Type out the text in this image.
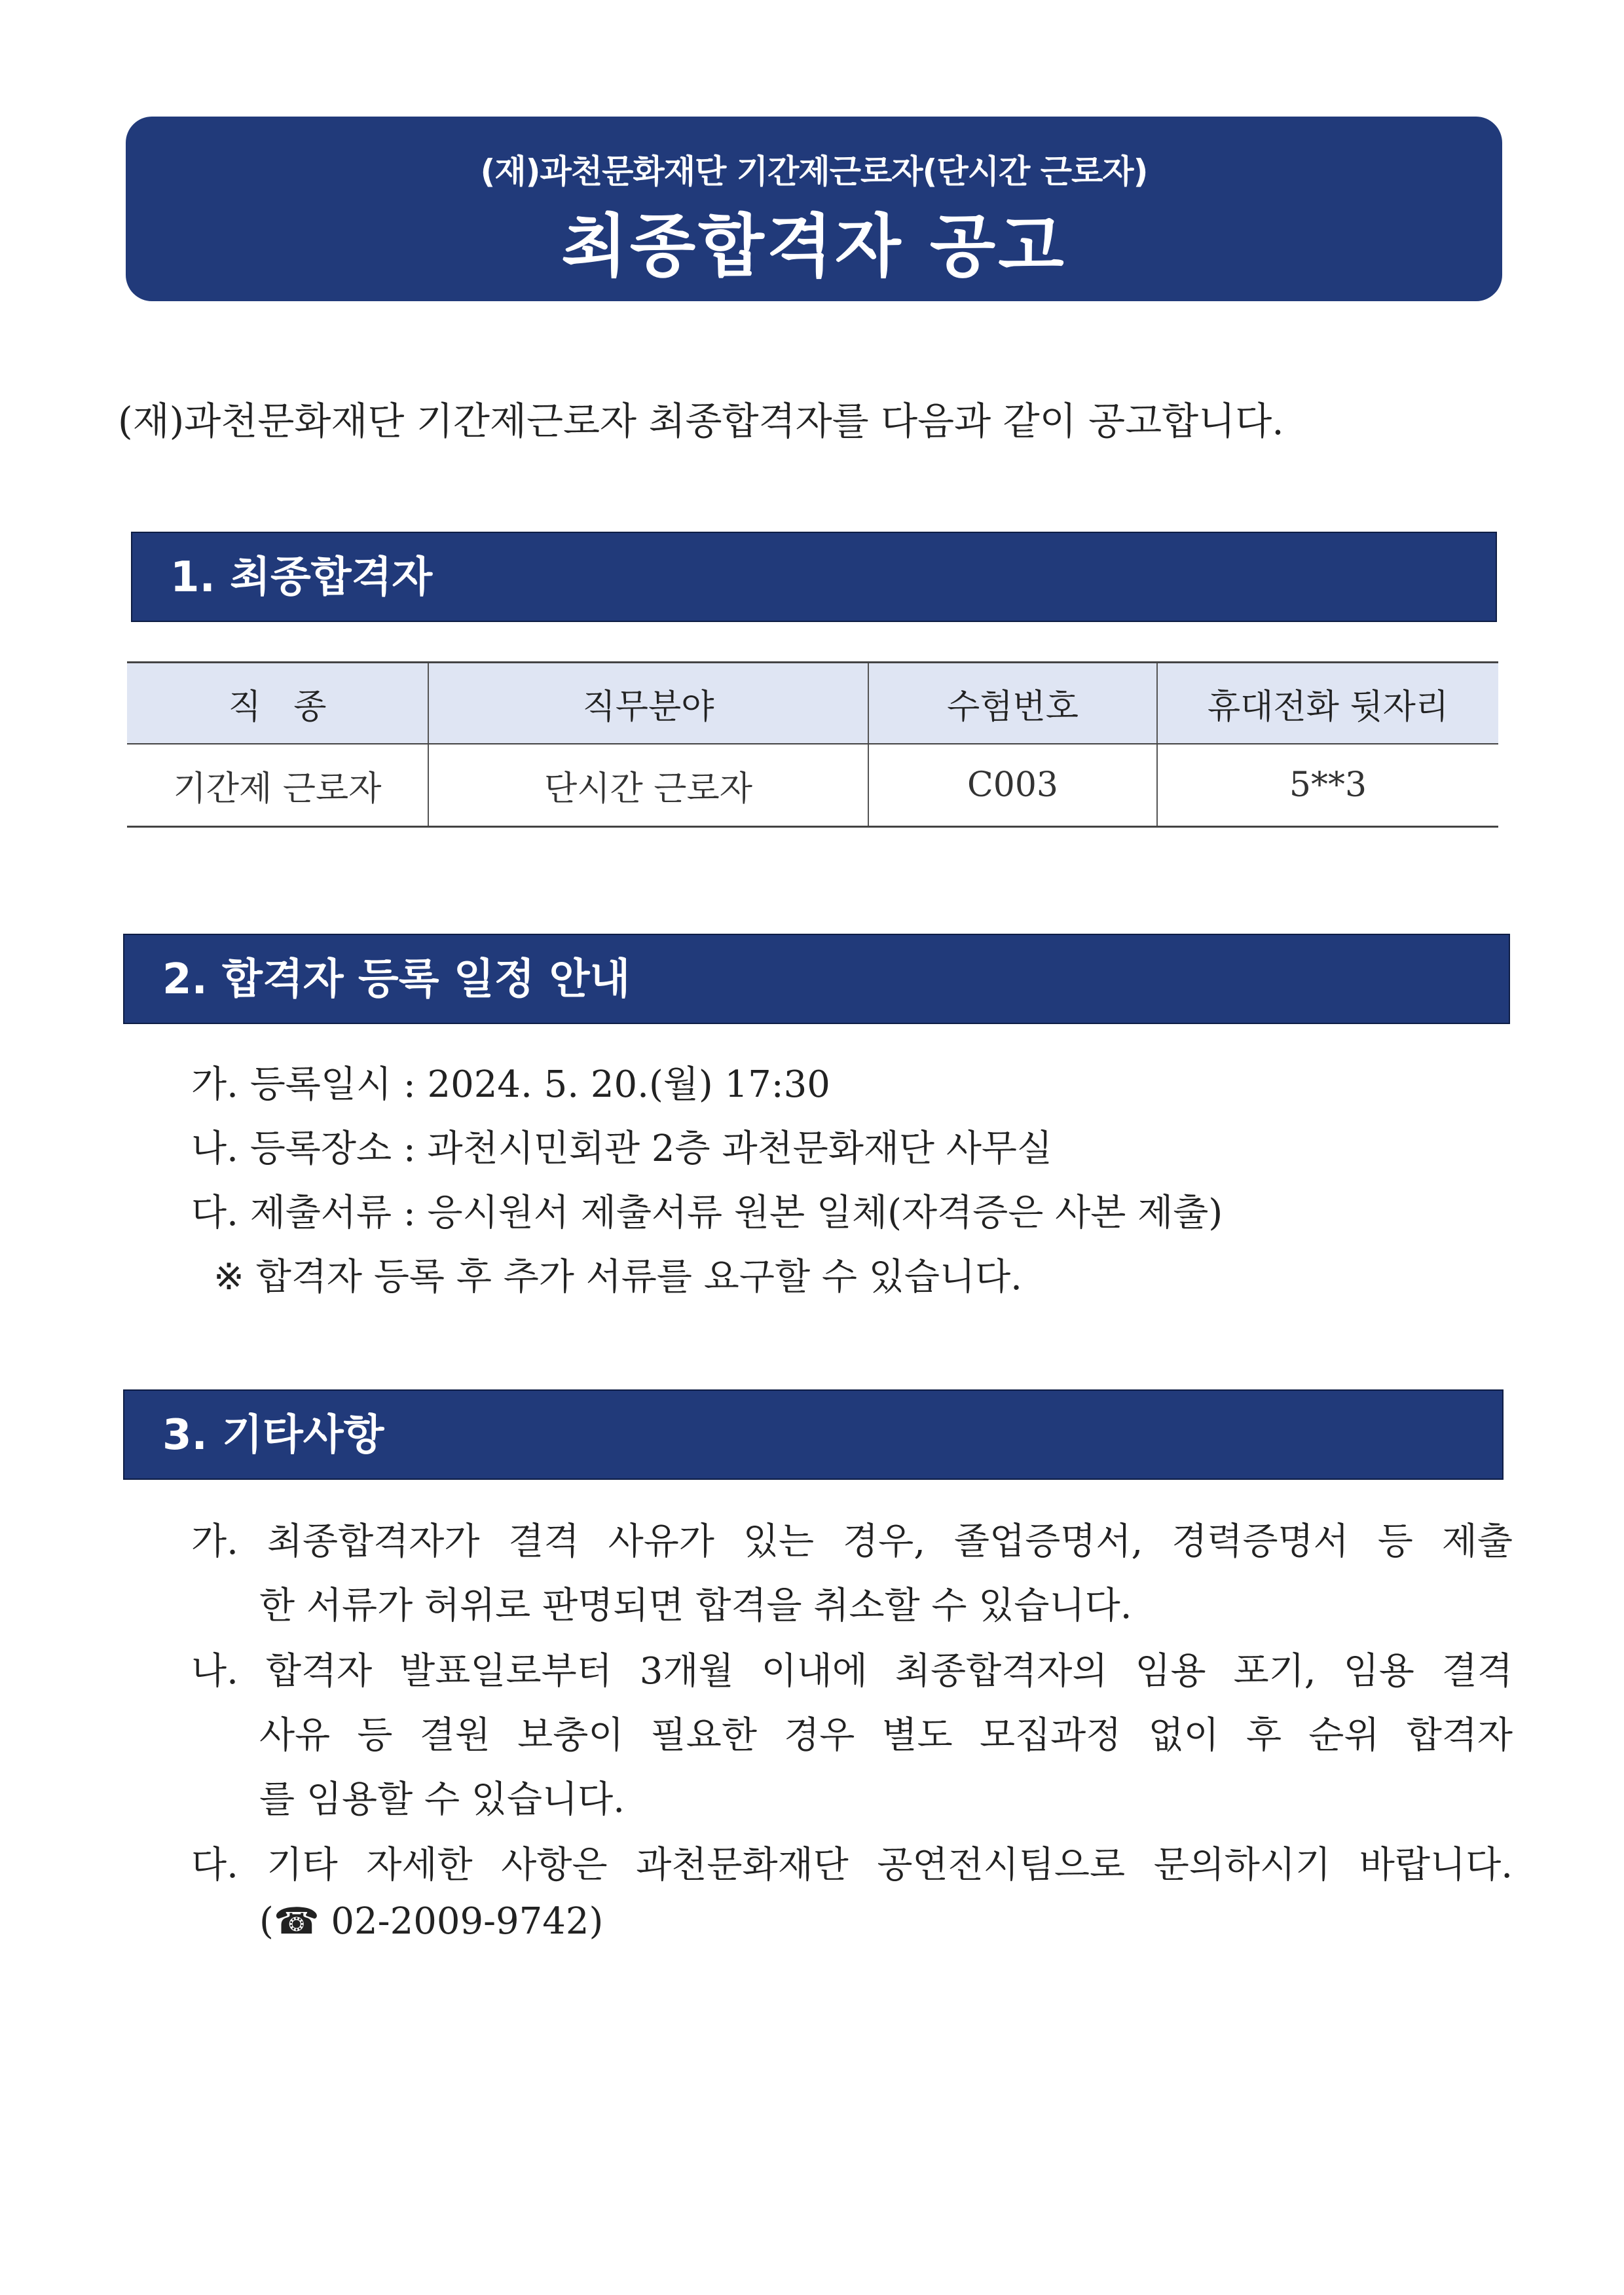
(재)과천문화재단 기간제근로자(단시간 근로자)
최종합격자 공고
(재)과천문화재단 기간제근로자 최종합격자를 다음과 같이 공고합니다.
1. 최종합격자
직   종	직무분야	수험번호	휴대전화 뒷자리
기간제 근로자	단시간 근로자	C003	5**3
2. 합격자 등록 일정 안내
가. 등록일시 : 2024. 5. 20.(월) 17:30
나. 등록장소 : 과천시민회관 2층 과천문화재단 사무실
다. 제출서류 : 응시원서 제출서류 원본 일체(자격증은 사본 제출)
※ 합격자 등록 후 추가 서류를 요구할 수 있습니다.
3. 기타사항
가. 최종합격자가 결격 사유가 있는 경우, 졸업증명서, 경력증명서 등 제출
한 서류가 허위로 판명되면 합격을 취소할 수 있습니다.
나. 합격자 발표일로부터 3개월 이내에 최종합격자의 임용 포기, 임용 결격
사유 등 결원 보충이 필요한 경우 별도 모집과정 없이 후 순위 합격자
를 임용할 수 있습니다.
다. 기타 자세한 사항은 과천문화재단 공연전시팀으로 문의하시기 바랍니다.
(☎ 02-2009-9742)
